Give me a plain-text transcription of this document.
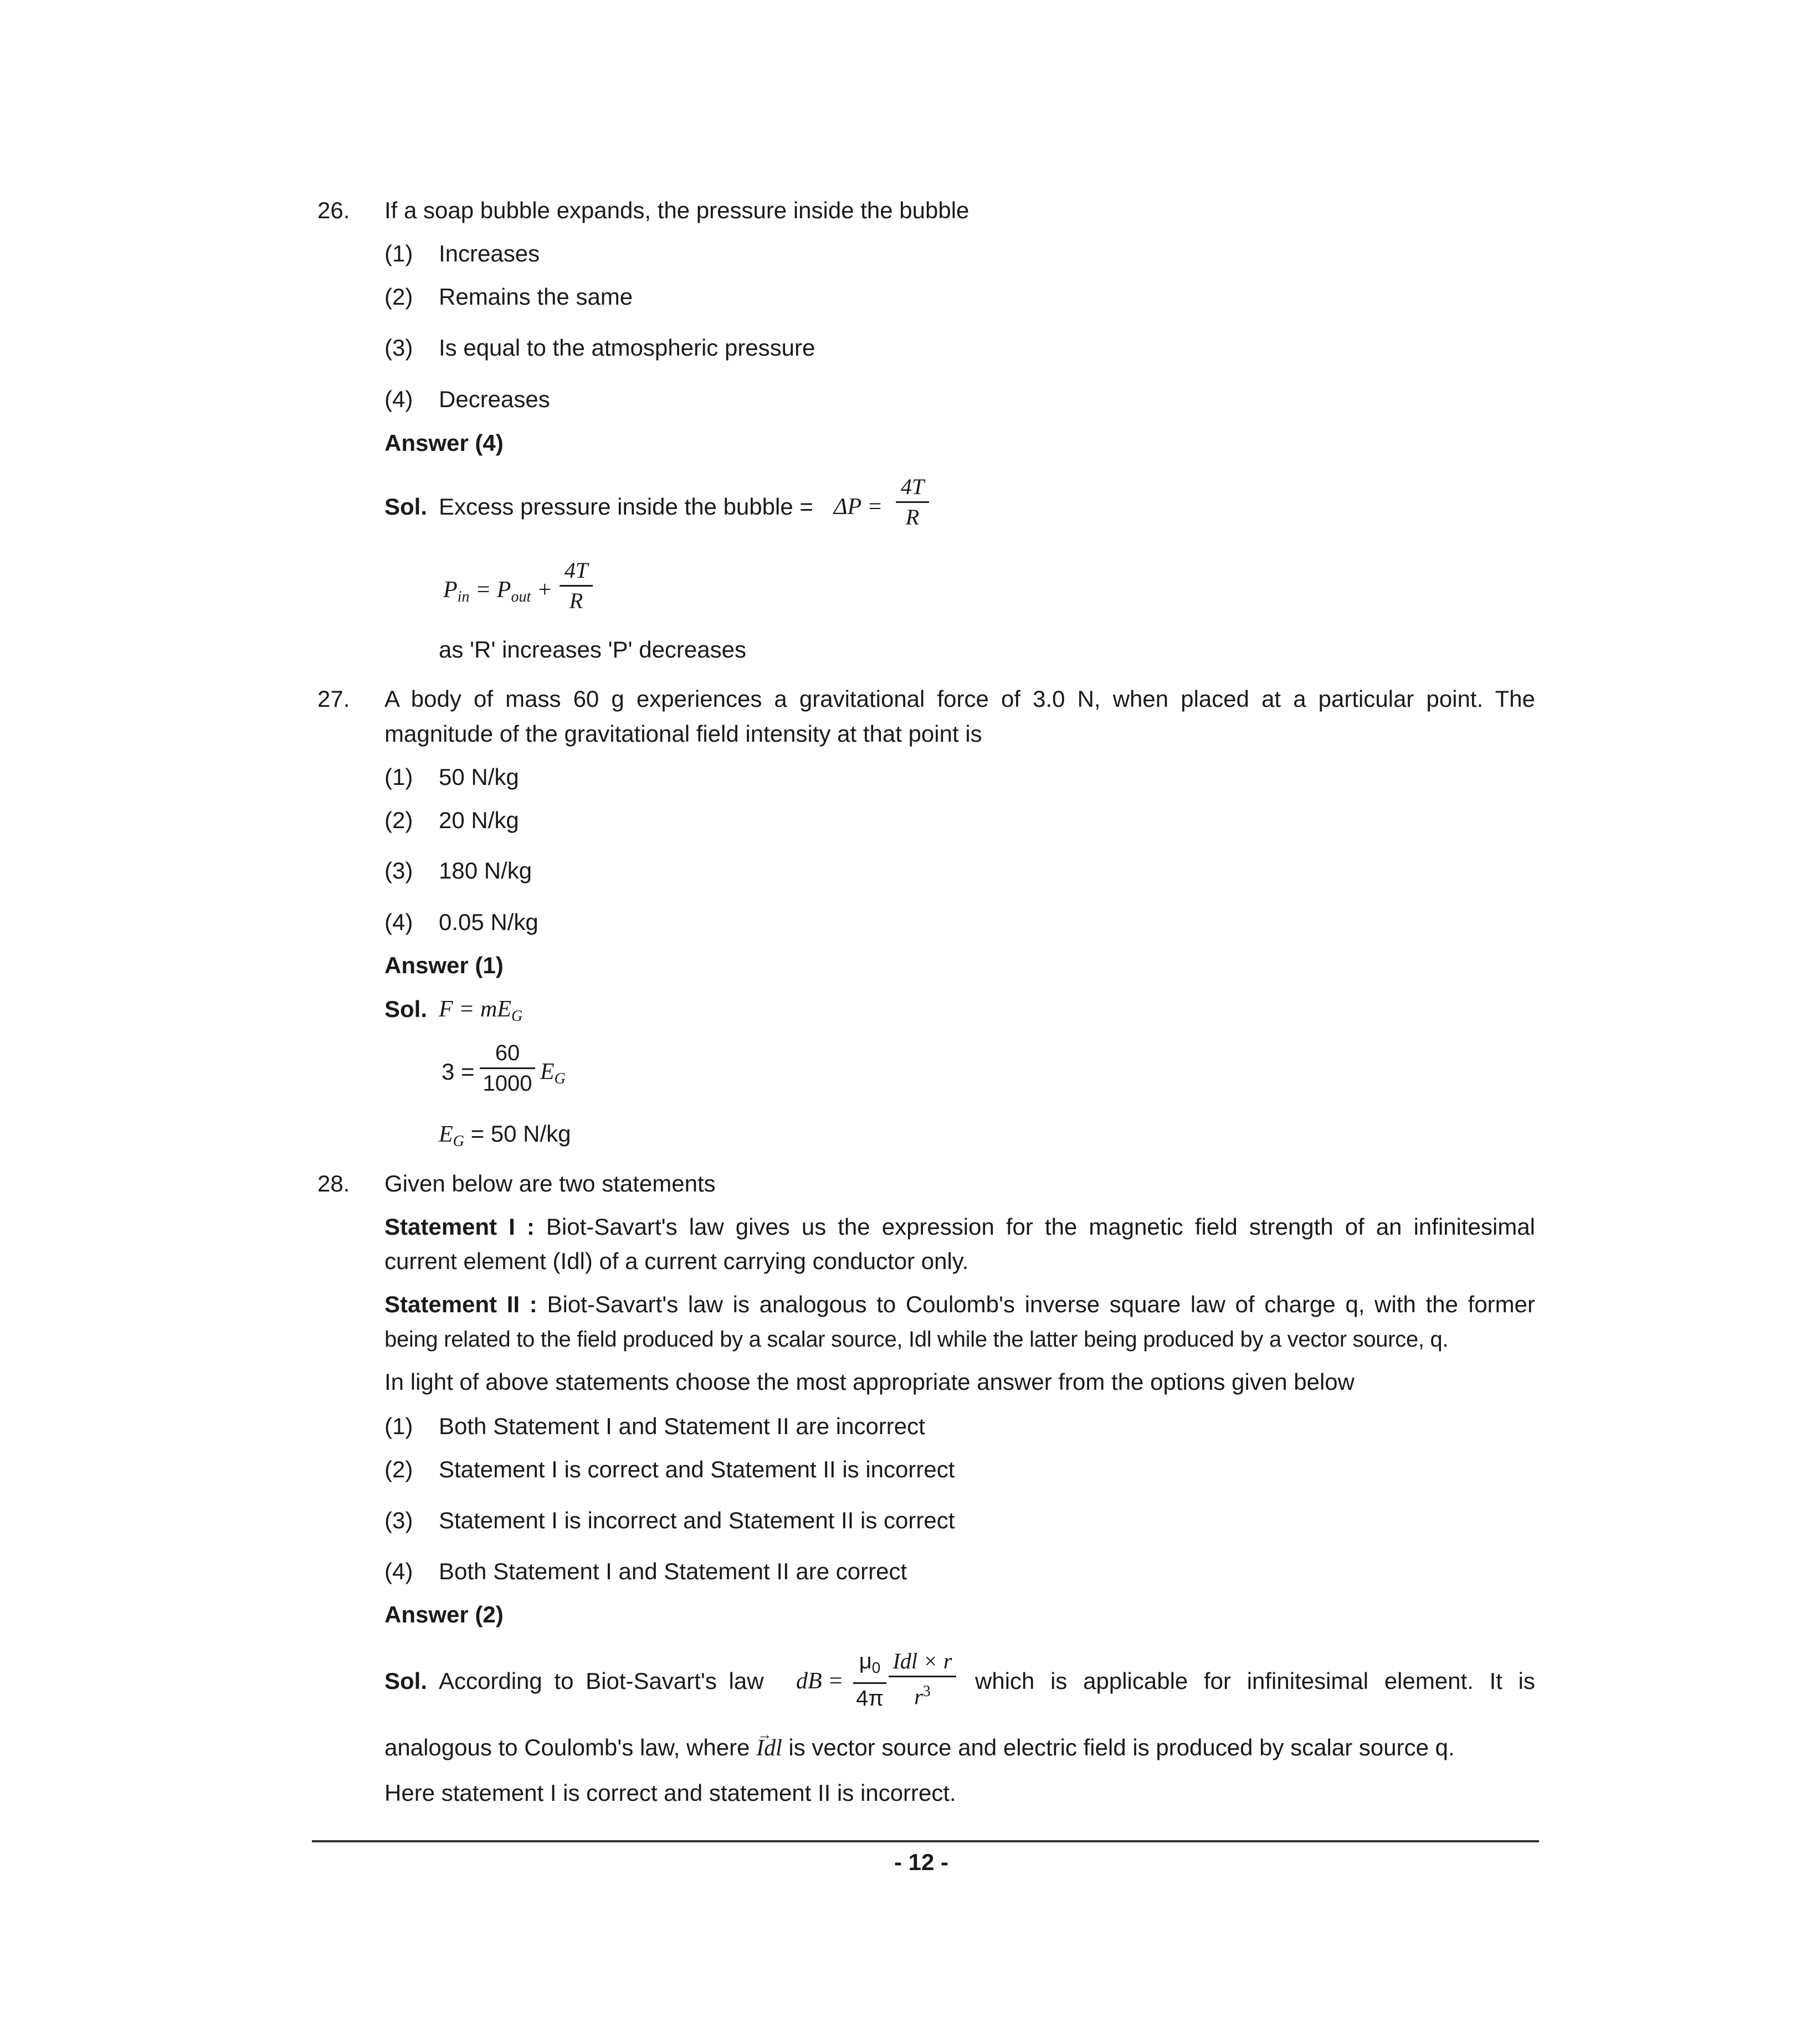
26. If a soap bubble expands, the pressure inside the bubble
(1) Increases
(2) Remains the same
(3) Is equal to the atmospheric pressure
(4) Decreases
Answer (4)
Sol. Excess pressure inside the bubble = ΔP =
4T
R
$P_{in} = P_{out}$ +
4T
R
as 'R' increases 'P' decreases
27. A body of mass 60 g experiences a gravitational force of 3.0 N, when placed at a particular point. The
magnitude of the gravitational field intensity at that point is
(1) 50 N/kg
(2) 20 N/kg
(3) 180 N/kg
(4) 0.05 N/kg
Answer (1)
Sol. $F = mE_G$
3 =
60
1000 $E_G$
$E_G = 50$ N/kg
28. Given below are two statements
Statement I : Biot-Savart's law gives us the expression for the magnetic field strength of an infinitesimal
current element (Idl) of a current carrying conductor only.
Statement II : Biot-Savart's law is analogous to Coulomb's inverse square law of charge q, with the former
being related to the field produced by a scalar source, Idl while the latter being produced by a vector source, q.
In light of above statements choose the most appropriate answer from the options given below
(1) Both Statement I and Statement II are incorrect
(2) Statement I is correct and Statement II is incorrect
(3) Statement I is incorrect and Statement II is correct
(4) Both Statement I and Statement II are correct
Answer (2)
Sol. According to Biot-Savart's law dB =
$\mu_0$
4π
Idl × r
$r^3$	which is applicable for infinitesimal element. It is
analogous to Coulomb's law, where → Idl is vector source and electric field is produced by scalar source q.
Here statement I is correct and statement II is incorrect.
- 12 -
